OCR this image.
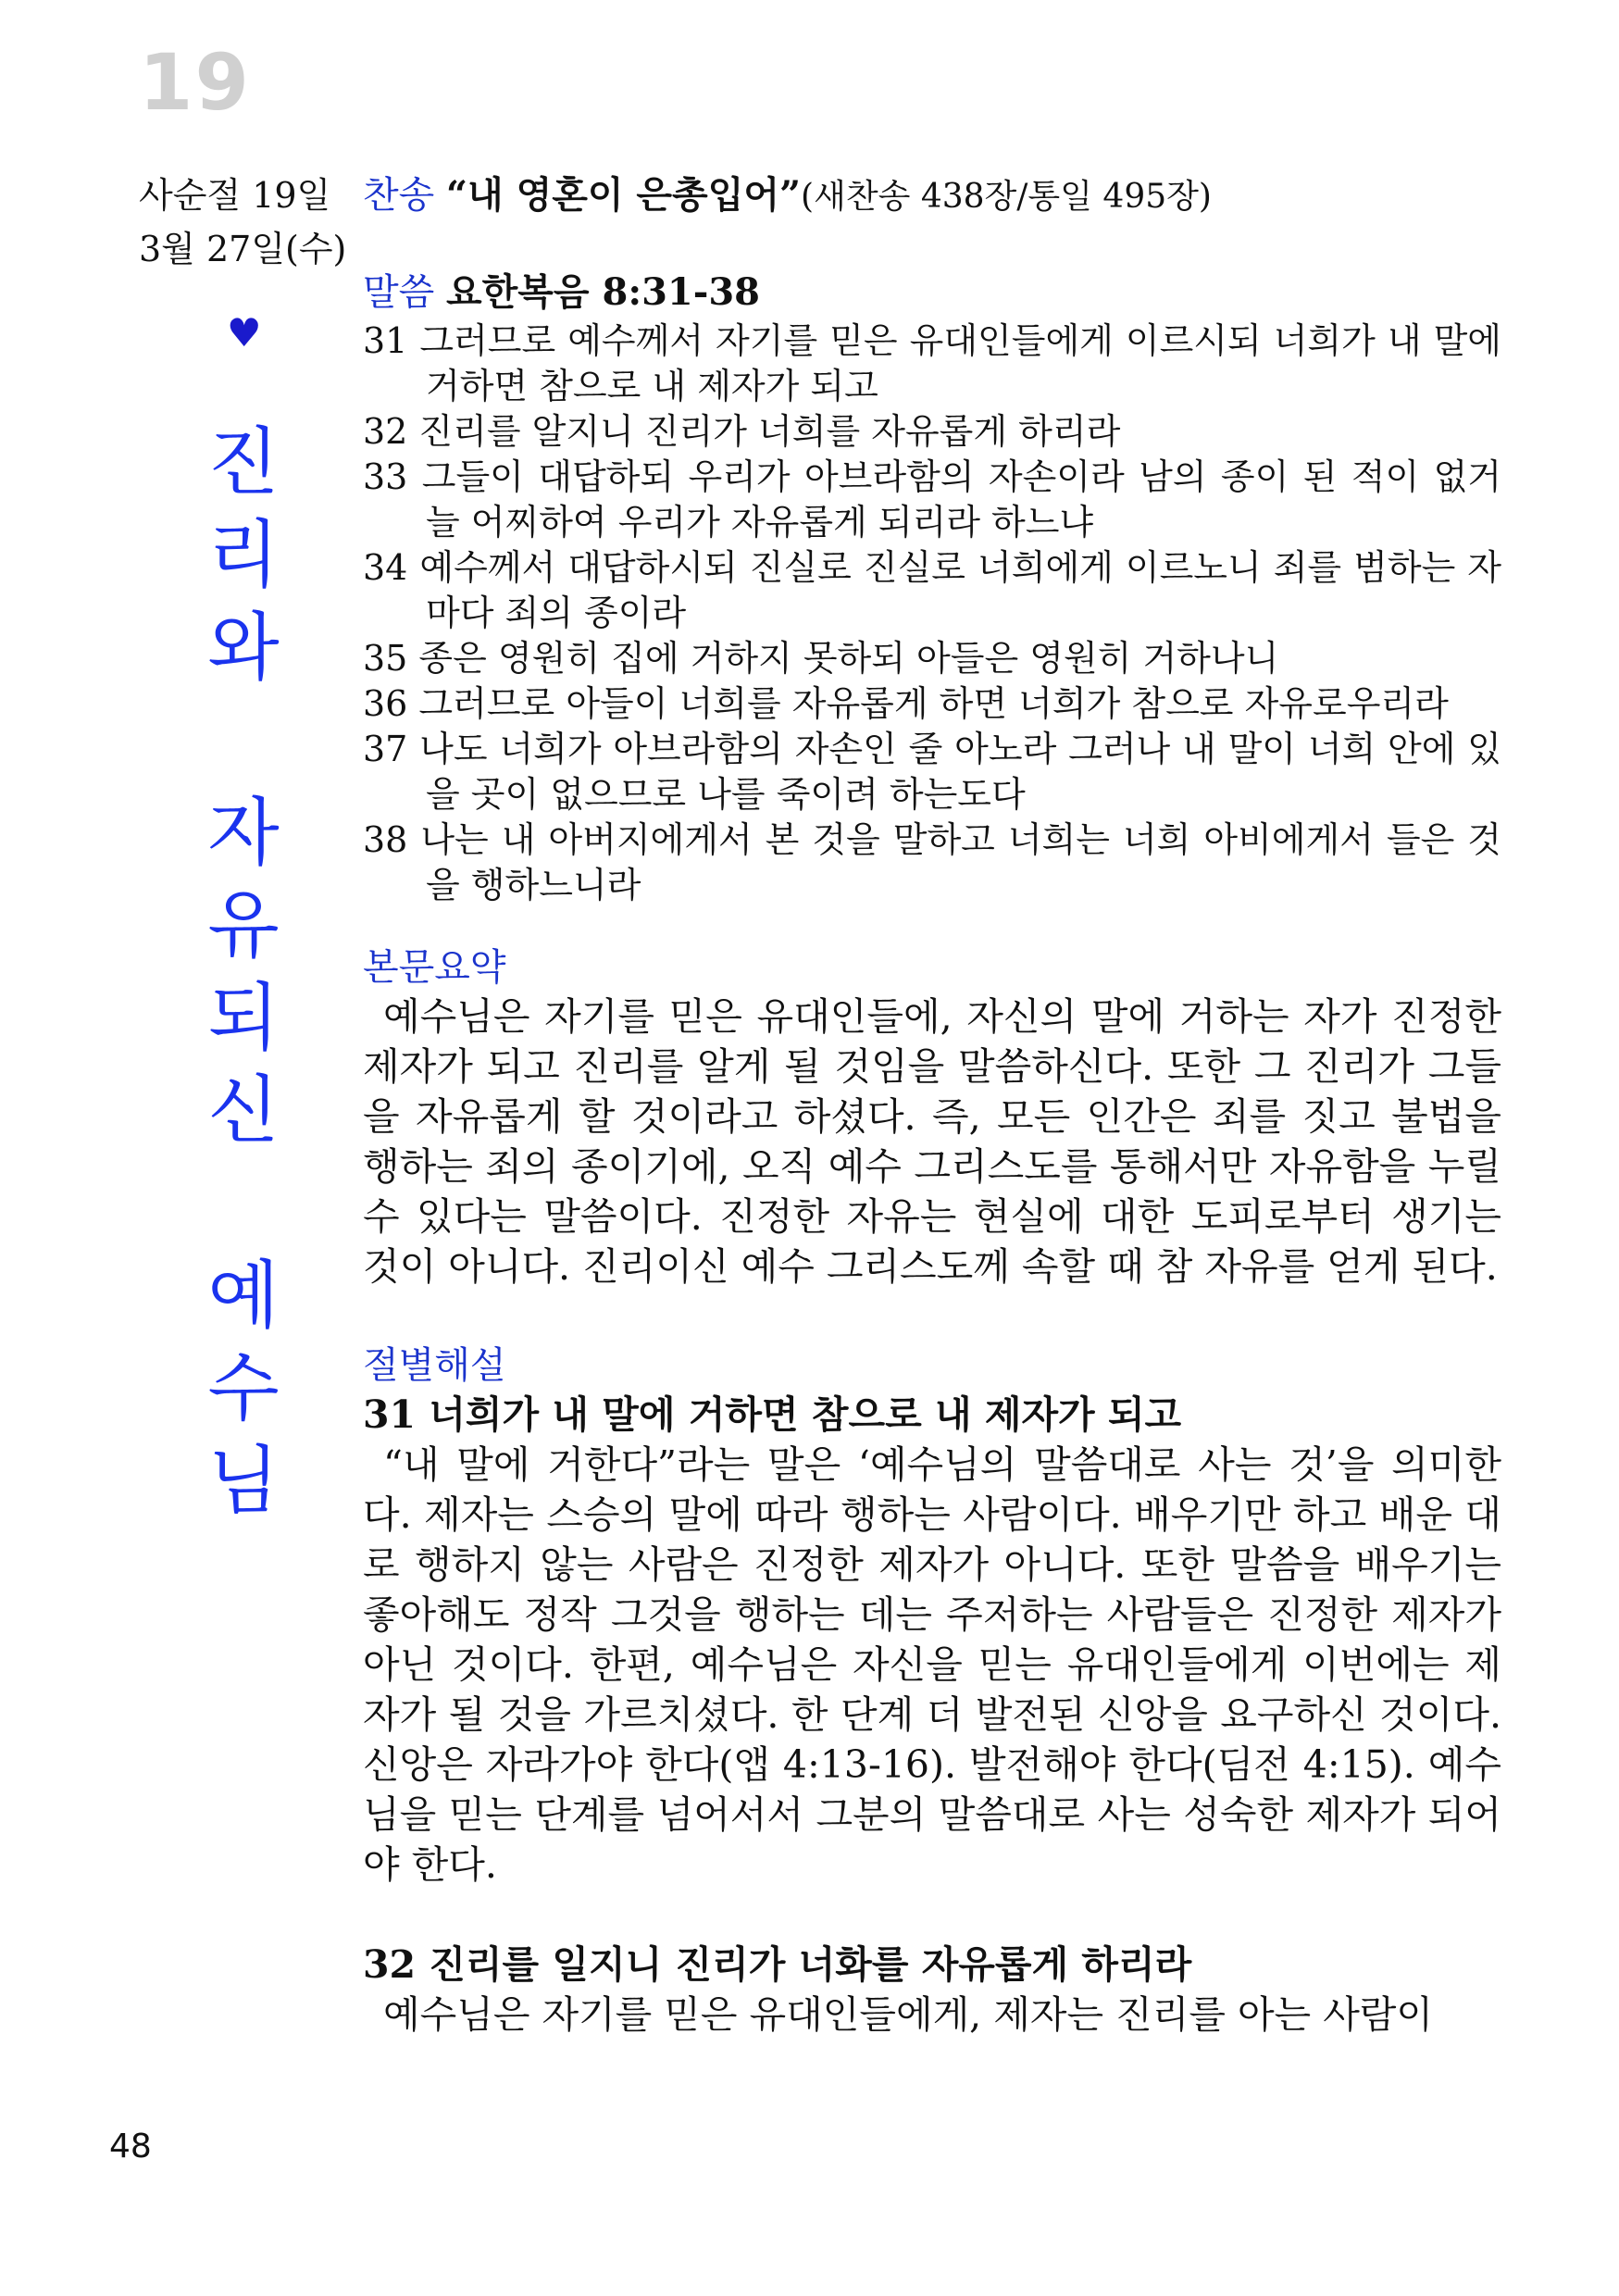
19
사순절 19일
3월 27일(수)
찬송 “내 영혼이 은총입어”(새찬송 438장/통일 495장)
♥
진
리
와
자
유
되
신
예
수
님
말씀 요한복음 8:31-38
31 그러므로 예수께서 자기를 믿은 유대인들에게 이르시되 너희가 내 말에 거하면 참으로 내 제자가 되고
32 진리를 알지니 진리가 너희를 자유롭게 하리라
33 그들이 대답하되 우리가 아브라함의 자손이라 남의 종이 된 적이 없거늘 어찌하여 우리가 자유롭게 되리라 하느냐
34 예수께서 대답하시되 진실로 진실로 너희에게 이르노니 죄를 범하는 자마다 죄의 종이라
35 종은 영원히 집에 거하지 못하되 아들은 영원히 거하나니
36 그러므로 아들이 너희를 자유롭게 하면 너희가 참으로 자유로우리라
37 나도 너희가 아브라함의 자손인 줄 아노라 그러나 내 말이 너희 안에 있을 곳이 없으므로 나를 죽이려 하는도다
38 나는 내 아버지에게서 본 것을 말하고 너희는 너희 아비에게서 들은 것을 행하느니라
본문요약
예수님은 자기를 믿은 유대인들에, 자신의 말에 거하는 자가 진정한 제자가 되고 진리를 알게 될 것임을 말씀하신다. 또한 그 진리가 그들을 자유롭게 할 것이라고 하셨다. 즉, 모든 인간은 죄를 짓고 불법을 행하는 죄의 종이기에, 오직 예수 그리스도를 통해서만 자유함을 누릴 수 있다는 말씀이다. 진정한 자유는 현실에 대한 도피로부터 생기는 것이 아니다. 진리이신 예수 그리스도께 속할 때 참 자유를 얻게 된다.
절별해설
31 너희가 내 말에 거하면 참으로 내 제자가 되고
“내 말에 거한다”라는 말은 ‘예수님의 말씀대로 사는 것’을 의미한다. 제자는 스승의 말에 따라 행하는 사람이다. 배우기만 하고 배운 대로 행하지 않는 사람은 진정한 제자가 아니다. 또한 말씀을 배우기는 좋아해도 정작 그것을 행하는 데는 주저하는 사람들은 진정한 제자가 아닌 것이다. 한편, 예수님은 자신을 믿는 유대인들에게 이번에는 제자가 될 것을 가르치셨다. 한 단계 더 발전된 신앙을 요구하신 것이다. 신앙은 자라가야 한다(앱 4:13-16). 발전해야 한다(딤전 4:15). 예수님을 믿는 단계를 넘어서서 그분의 말씀대로 사는 성숙한 제자가 되어야 한다.
32 진리를 일지니 진리가 너화를 자유롭게 하리라
예수님은 자기를 믿은 유대인들에게, 제자는 진리를 아는 사람이
48
